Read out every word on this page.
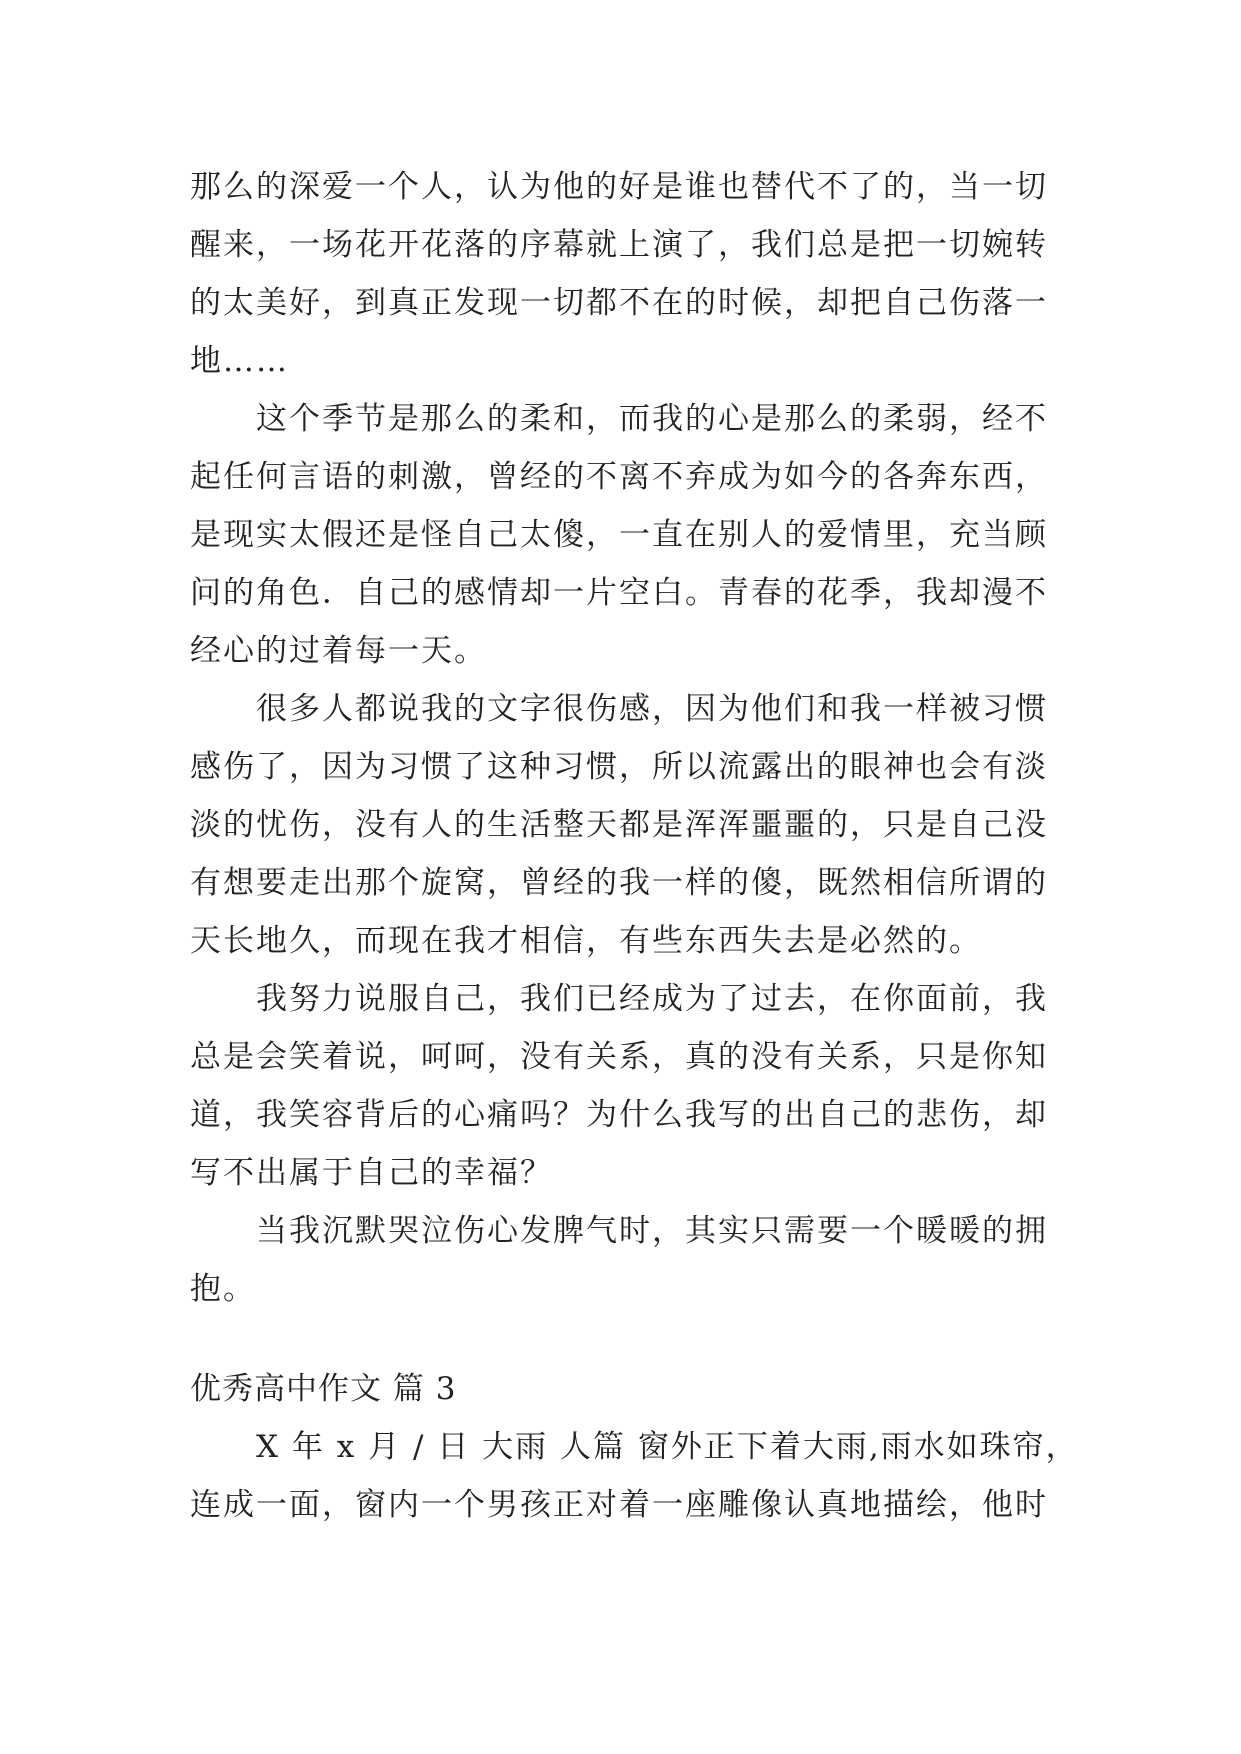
那么的深爱一个人，认为他的好是谁也替代不了的，当一切
醒来，一场花开花落的序幕就上演了，我们总是把一切婉转
的太美好，到真正发现一切都不在的时候，却把自己伤落一
地……
这个季节是那么的柔和，而我的心是那么的柔弱，经不
起任何言语的刺激，曾经的不离不弃成为如今的各奔东西，
是现实太假还是怪自己太傻，一直在别人的爱情里，充当顾
问的角色．自己的感情却一片空白。青春的花季，我却漫不
经心的过着每一天。
很多人都说我的文字很伤感，因为他们和我一样被习惯
感伤了，因为习惯了这种习惯，所以流露出的眼神也会有淡
淡的忧伤，没有人的生活整天都是浑浑噩噩的，只是自己没
有想要走出那个旋窝，曾经的我一样的傻，既然相信所谓的
天长地久，而现在我才相信，有些东西失去是必然的。
我努力说服自己，我们已经成为了过去，在你面前，我
总是会笑着说，呵呵，没有关系，真的没有关系，只是你知
道，我笑容背后的心痛吗？为什么我写的出自己的悲伤，却
写不出属于自己的幸福？
当我沉默哭泣伤心发脾气时，其实只需要一个暖暖的拥
抱。
优秀高中作文 篇 3
X 年 x 月 / 日 大雨 人篇 窗外正下着大雨,雨水如珠帘，
连成一面，窗内一个男孩正对着一座雕像认真地描绘，他时
